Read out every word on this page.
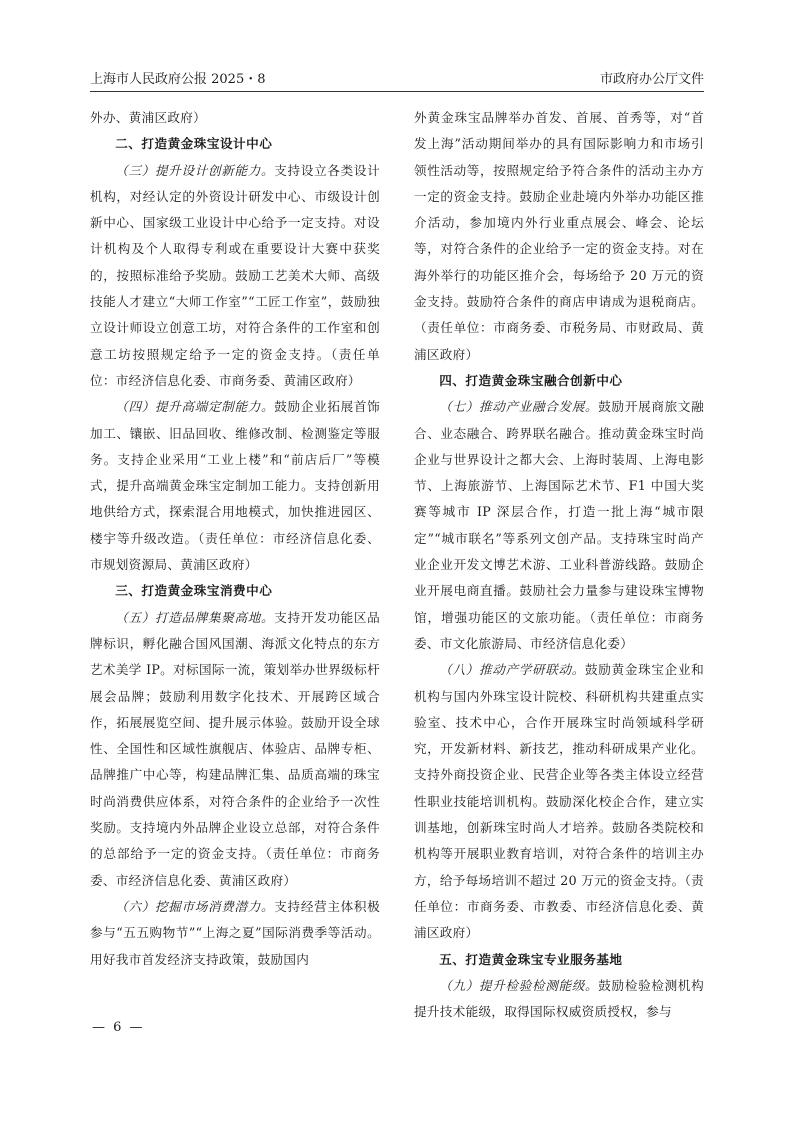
上海市人民政府公报 2025・8	市政府办公厅文件

外办、黄浦区政府）

二、打造黄金珠宝设计中心

（三）提升设计创新能力。支持设立各类设计机构，对经认定的外资设计研发中心、市级设计创新中心、国家级工业设计中心给予一定支持。对设计机构及个人取得专利或在重要设计大赛中获奖的，按照标准给予奖励。鼓励工艺美术大师、高级技能人才建立“大师工作室”“工匠工作室”，鼓励独立设计师设立创意工坊，对符合条件的工作室和创意工坊按照规定给予一定的资金支持。（责任单位：市经济信息化委、市商务委、黄浦区政府）

（四）提升高端定制能力。鼓励企业拓展首饰加工、镶嵌、旧品回收、维修改制、检测鉴定等服务。支持企业采用“工业上楼”和“前店后厂”等模式，提升高端黄金珠宝定制加工能力。支持创新用地供给方式，探索混合用地模式，加快推进园区、楼宇等升级改造。（责任单位：市经济信息化委、市规划资源局、黄浦区政府）

三、打造黄金珠宝消费中心

（五）打造品牌集聚高地。支持开发功能区品牌标识，孵化融合国风国潮、海派文化特点的东方艺术美学 IP。对标国际一流，策划举办世界级标杆展会品牌；鼓励利用数字化技术、开展跨区域合作，拓展展览空间、提升展示体验。鼓励开设全球性、全国性和区域性旗舰店、体验店、品牌专柜、品牌推广中心等，构建品牌汇集、品质高端的珠宝时尚消费供应体系，对符合条件的企业给予一次性奖励。支持境内外品牌企业设立总部，对符合条件的总部给予一定的资金支持。（责任单位：市商务委、市经济信息化委、黄浦区政府）

（六）挖掘市场消费潜力。支持经营主体积极参与“五五购物节”“上海之夏”国际消费季等活动。用好我市首发经济支持政策，鼓励国内

外黄金珠宝品牌举办首发、首展、首秀等，对“首发上海”活动期间举办的具有国际影响力和市场引领性活动等，按照规定给予符合条件的活动主办方一定的资金支持。鼓励企业赴境内外举办功能区推介活动，参加境内外行业重点展会、峰会、论坛等，对符合条件的企业给予一定的资金支持。对在海外举行的功能区推介会，每场给予 20 万元的资金支持。鼓励符合条件的商店申请成为退税商店。（责任单位：市商务委、市税务局、市财政局、黄浦区政府）

四、打造黄金珠宝融合创新中心

（七）推动产业融合发展。鼓励开展商旅文融合、业态融合、跨界联名融合。推动黄金珠宝时尚企业与世界设计之都大会、上海时装周、上海电影节、上海旅游节、上海国际艺术节、F1 中国大奖赛等城市 IP 深层合作，打造一批上海“城市限定”“城市联名”等系列文创产品。支持珠宝时尚产业企业开发文博艺术游、工业科普游线路。鼓励企业开展电商直播。鼓励社会力量参与建设珠宝博物馆，增强功能区的文旅功能。（责任单位：市商务委、市文化旅游局、市经济信息化委）

（八）推动产学研联动。鼓励黄金珠宝企业和机构与国内外珠宝设计院校、科研机构共建重点实验室、技术中心，合作开展珠宝时尚领域科学研究，开发新材料、新技艺，推动科研成果产业化。支持外商投资企业、民营企业等各类主体设立经营性职业技能培训机构。鼓励深化校企合作，建立实训基地，创新珠宝时尚人才培养。鼓励各类院校和机构等开展职业教育培训，对符合条件的培训主办方，给予每场培训不超过 20 万元的资金支持。（责任单位：市商务委、市教委、市经济信息化委、黄浦区政府）

五、打造黄金珠宝专业服务基地

（九）提升检验检测能级。鼓励检验检测机构提升技术能级，取得国际权威资质授权，参与

— 6 —
